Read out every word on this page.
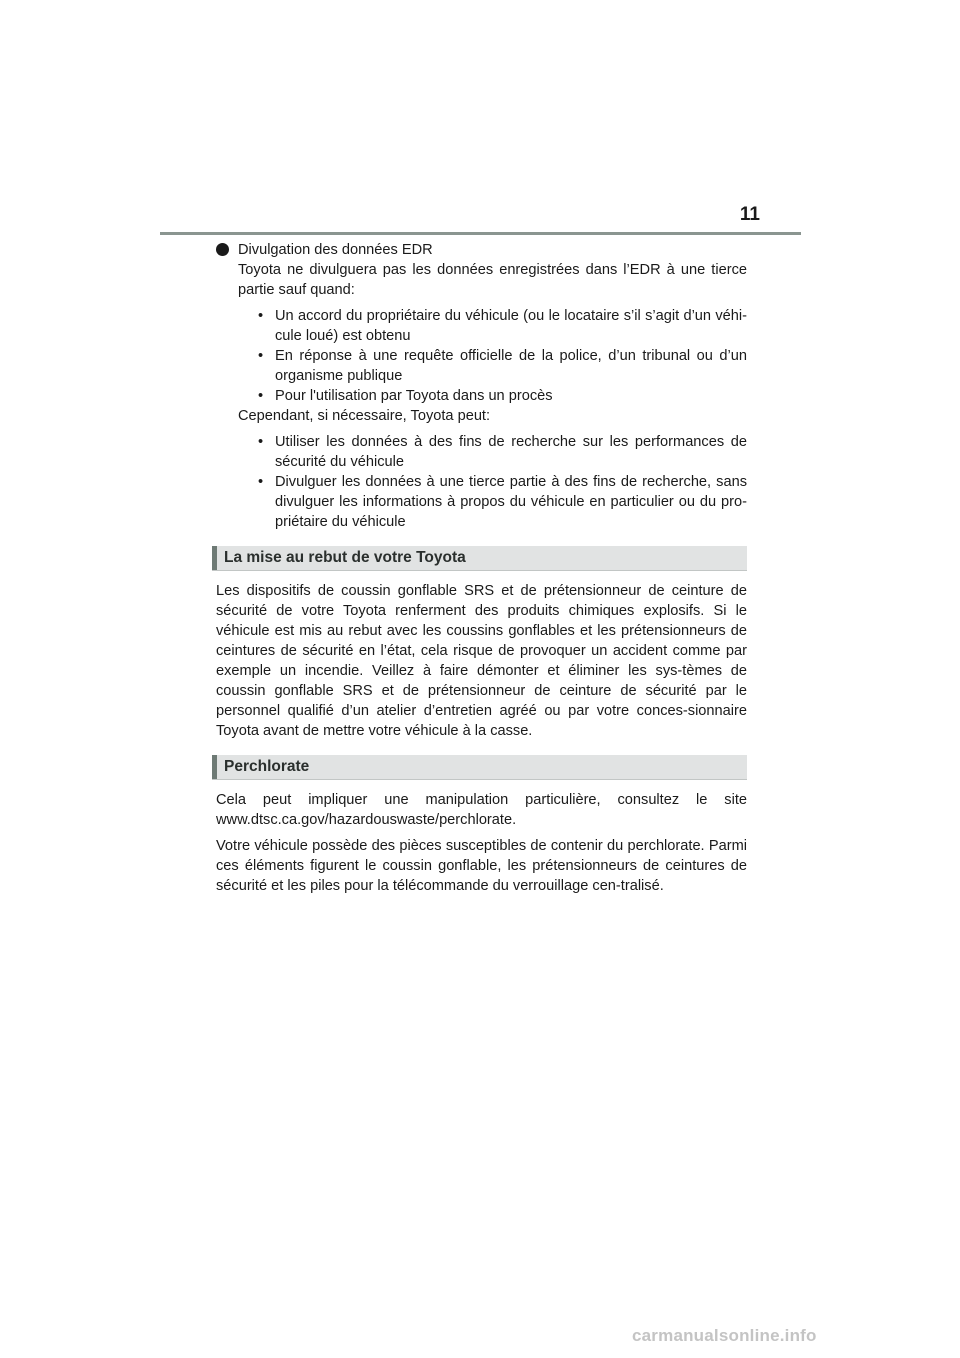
11
Divulgation des données EDR

Toyota ne divulguera pas les données enregistrées dans l’EDR à une tierce partie sauf quand:

• Un accord du propriétaire du véhicule (ou le locataire s’il s’agit d’un véhi-cule loué) est obtenu
• En réponse à une requête officielle de la police, d’un tribunal ou d’un organisme publique
• Pour l'utilisation par Toyota dans un procès

Cependant, si nécessaire, Toyota peut:

• Utiliser les données à des fins de recherche sur les performances de sécurité du véhicule
• Divulguer les données à une tierce partie à des fins de recherche, sans divulguer les informations à propos du véhicule en particulier ou du pro-priétaire du véhicule
La mise au rebut de votre Toyota

Les dispositifs de coussin gonflable SRS et de prétensionneur de ceinture de sécurité de votre Toyota renferment des produits chimiques explosifs. Si le véhicule est mis au rebut avec les coussins gonflables et les prétensionneurs de ceintures de sécurité en l’état, cela risque de provoquer un accident comme par exemple un incendie. Veillez à faire démonter et éliminer les sys-tèmes de coussin gonflable SRS et de prétensionneur de ceinture de sécurité par le personnel qualifié d’un atelier d’entretien agréé ou par votre conces-sionnaire Toyota avant de mettre votre véhicule à la casse.

Perchlorate

Cela peut impliquer une manipulation particulière, consultez le site www.dtsc.ca.gov/hazardouswaste/perchlorate.

Votre véhicule possède des pièces susceptibles de contenir du perchlorate. Parmi ces éléments figurent le coussin gonflable, les prétensionneurs de ceintures de sécurité et les piles pour la télécommande du verrouillage cen-tralisé.

carmanualsonline.info
